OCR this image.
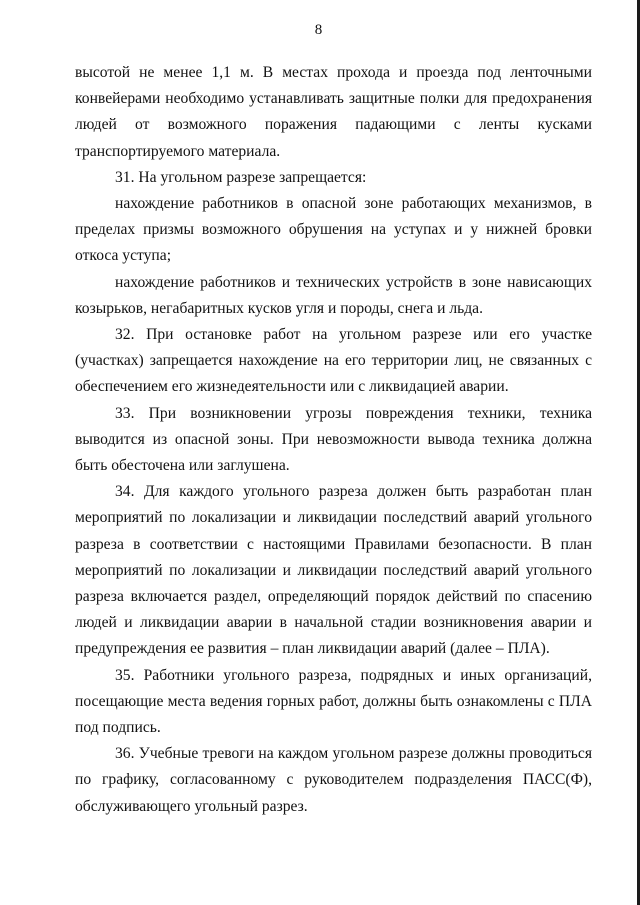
8

высотой не менее 1,1 м. В местах прохода и проезда под ленточными конвейерами необходимо устанавливать защитные полки для предохранения людей от возможного поражения падающими с ленты кусками транспортируемого материала.

31. На угольном разрезе запрещается:

нахождение работников в опасной зоне работающих механизмов, в пределах призмы возможного обрушения на уступах и у нижней бровки откоса уступа;

нахождение работников и технических устройств в зоне нависающих козырьков, негабаритных кусков угля и породы, снега и льда.

32. При остановке работ на угольном разрезе или его участке (участках) запрещается нахождение на его территории лиц, не связанных с обеспечением его жизнедеятельности или с ликвидацией аварии.

33. При возникновении угрозы повреждения техники, техника выводится из опасной зоны. При невозможности вывода техника должна быть обесточена или заглушена.

34. Для каждого угольного разреза должен быть разработан план мероприятий по локализации и ликвидации последствий аварий угольного разреза в соответствии с настоящими Правилами безопасности. В план мероприятий по локализации и ликвидации последствий аварий угольного разреза включается раздел, определяющий порядок действий по спасению людей и ликвидации аварии в начальной стадии возникновения аварии и предупреждения ее развития – план ликвидации аварий (далее – ПЛА).

35. Работники угольного разреза, подрядных и иных организаций, посещающие места ведения горных работ, должны быть ознакомлены с ПЛА под подпись.

36. Учебные тревоги на каждом угольном разрезе должны проводиться по графику, согласованному с руководителем подразделения ПАСС(Ф), обслуживающего угольный разрез.
